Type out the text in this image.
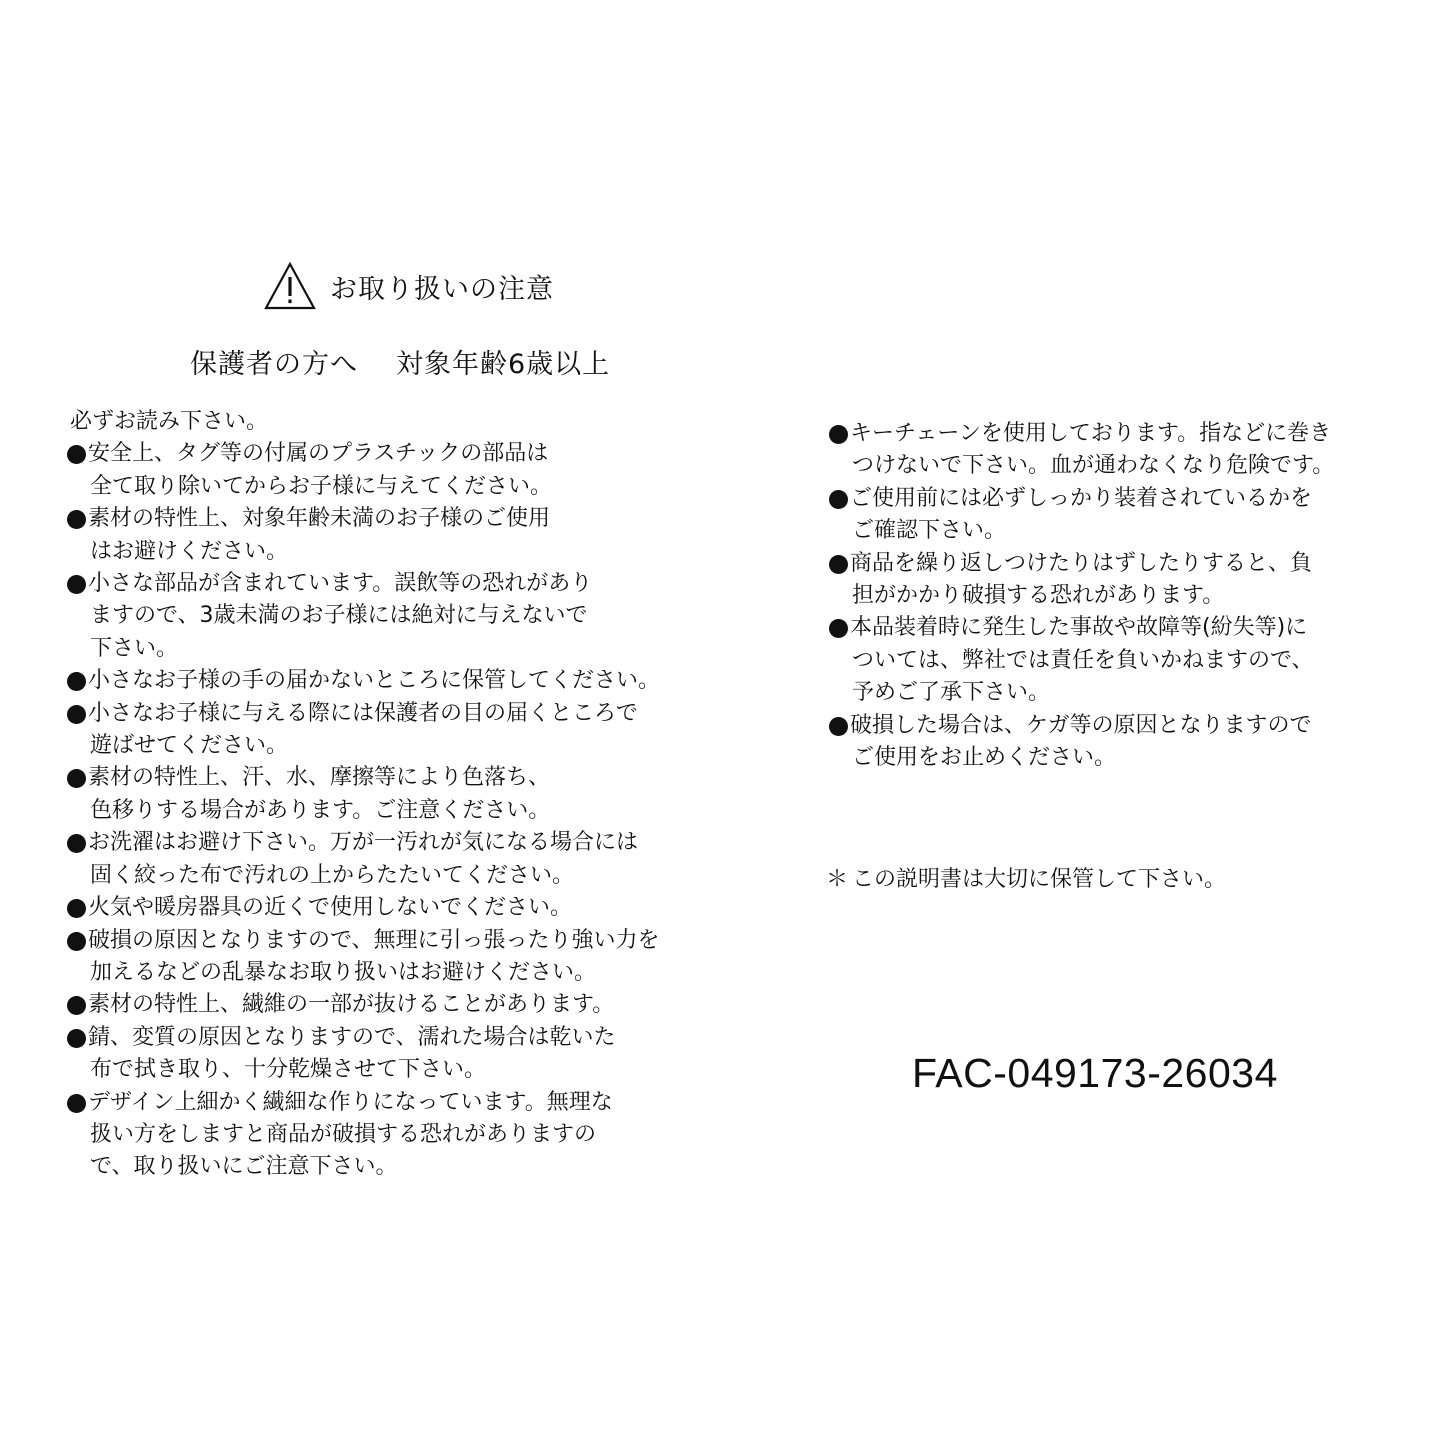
お取り扱いの注意
保護者の方へ 対象年齢6歳以上
必ずお読み下さい。
安全上、タグ等の付属のプラスチックの部品は
全て取り除いてからお子様に与えてください。
素材の特性上、対象年齢未満のお子様のご使用
はお避けください。
小さな部品が含まれています。誤飲等の恐れがあり
ますので、3歳未満のお子様には絶対に与えないで
下さい。
小さなお子様の手の届かないところに保管してください。
小さなお子様に与える際には保護者の目の届くところで
遊ばせてください。
素材の特性上、汗、水、摩擦等により色落ち、
色移りする場合があります。ご注意ください。
お洗濯はお避け下さい。万が一汚れが気になる場合には
固く絞った布で汚れの上からたたいてください。
火気や暖房器具の近くで使用しないでください。
破損の原因となりますので、無理に引っ張ったり強い力を
加えるなどの乱暴なお取り扱いはお避けください。
素材の特性上、繊維の一部が抜けることがあります。
錆、変質の原因となりますので、濡れた場合は乾いた
布で拭き取り、十分乾燥させて下さい。
デザイン上細かく繊細な作りになっています。無理な
扱い方をしますと商品が破損する恐れがありますの
で、取り扱いにご注意下さい。
キーチェーンを使用しております。指などに巻き
つけないで下さい。血が通わなくなり危険です。
ご使用前には必ずしっかり装着されているかを
ご確認下さい。
商品を繰り返しつけたりはずしたりすると、負
担がかかり破損する恐れがあります。
本品装着時に発生した事故や故障等(紛失等)に
ついては、弊社では責任を負いかねますので、
予めご了承下さい。
破損した場合は、ケガ等の原因となりますので
ご使用をお止めください。
＊ この説明書は大切に保管して下さい。
FAC-049173-26034
